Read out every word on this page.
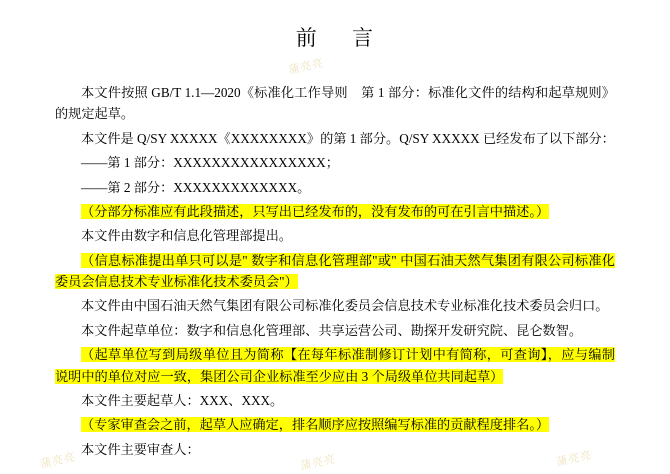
前 言

本文件按照 GB/T 1.1—2020《标准化工作导则　第 1 部分：标准化文件的结构和起草规则》的规定起草。

本文件是 Q/SY XXXXX《XXXXXXXX》的第 1 部分。Q/SY XXXXX 已经发布了以下部分：

——第 1 部分：XXXXXXXXXXXXXXXX；

——第 2 部分：XXXXXXXXXXXXX。

（分部分标准应有此段描述，只写出已经发布的，没有发布的可在引言中描述。）

本文件由数字和信息化管理部提出。

（信息标准提出单只可以是" 数字和信息化管理部"或" 中国石油天然气集团有限公司标准化委员会信息技术专业标准化技术委员会"）

本文件由中国石油天然气集团有限公司标准化委员会信息技术专业标准化技术委员会归口。

本文件起草单位：数字和信息化管理部、共享运营公司、勘探开发研究院、昆仑数智。

（起草单位写到局级单位且为简称【在每年标准制修订计划中有简称，可查询】，应与编制说明中的单位对应一致，集团公司企业标准至少应由 3 个局级单位共同起草）

本文件主要起草人：XXX、XXX。

（专家审查会之前，起草人应确定，排名顺序应按照编写标准的贡献程度排名。）

本文件主要审查人：

蒲亮亮
蒲亮亮	蒲亮亮	蒲亮亮
